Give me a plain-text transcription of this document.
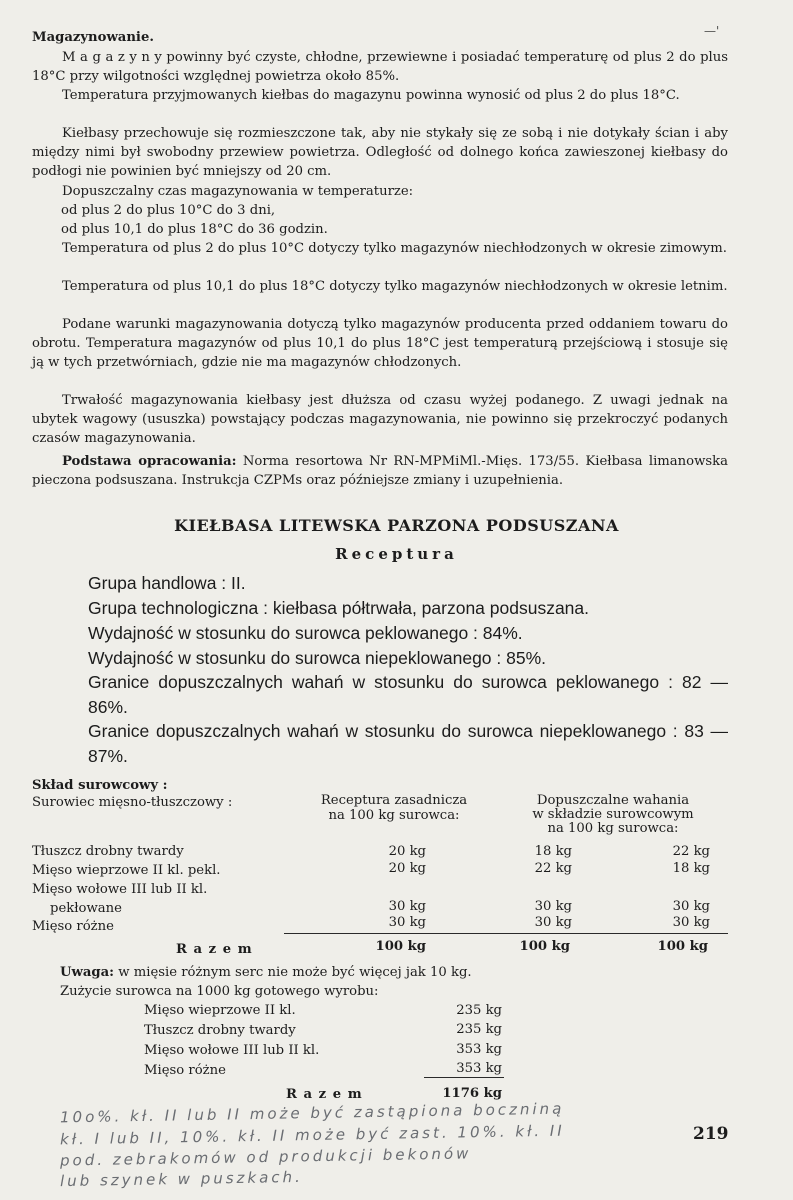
Magazynowanie.	—'
M a g a z y n y powinny być czyste, chłodne, przewiewne i posiadać temperaturę od plus 2 do plus 18°C przy wilgotności względnej powietrza około 85%.
Temperatura przyjmowanych kiełbas do magazynu powinna wynosić od plus 2 do plus 18°C.
Kiełbasy przechowuje się rozmieszczone tak, aby nie stykały się ze sobą i nie dotykały ścian i aby między nimi był swobodny przewiew powietrza. Odległość od dolnego końca zawieszonej kiełbasy do podłogi nie powinien być mniejszy od 20 cm.
Dopuszczalny czas magazynowania w temperaturze:
od plus 2 do plus 10°C do 3 dni,
od plus 10,1 do plus 18°C do 36 godzin.
Temperatura od plus 2 do plus 10°C dotyczy tylko magazynów niechłodzonych w okresie zimowym.
Temperatura od plus 10,1 do plus 18°C dotyczy tylko magazynów niechłodzonych w okresie letnim.
Podane warunki magazynowania dotyczą tylko magazynów producenta przed oddaniem towaru do obrotu. Temperatura magazynów od plus 10,1 do plus 18°C jest temperaturą przejściową i stosuje się ją w tych przetwórniach, gdzie nie ma magazynów chłodzonych.
Trwałość magazynowania kiełbasy jest dłuższa od czasu wyżej podanego. Z uwagi jednak na ubytek wagowy (ususzka) powstający podczas magazynowania, nie powinno się przekroczyć podanych czasów magazynowania.
Podstawa opracowania: Norma resortowa Nr RN-MPMiMl.-Mięs. 173/55. Kiełbasa limanowska pieczona podsuszana. Instrukcja CZPMs oraz późniejsze zmiany i uzupełnienia.
KIEŁBASA LITEWSKA PARZONA PODSUSZANA
Receptura
Grupa handlowa : II.
Grupa technologiczna : kiełbasa półtrwała, parzona podsuszana.
Wydajność w stosunku do surowca peklowanego : 84%.
Wydajność w stosunku do surowca niepeklowanego : 85%.
Granice dopuszczalnych wahań w stosunku do surowca peklowanego : 82 — 86%.
Granice dopuszczalnych wahań w stosunku do surowca niepeklowanego : 83 — 87%.
Skład surowcowy :
Surowiec mięsno-tłuszczowy :	Receptura zasadnicza
na 100 kg surowca:
Dopuszczalne wahania
w składzie surowcowym
na 100 kg surowca:
Tłuszcz drobny twardy	20 kg	18 kg	22 kg
Mięso wieprzowe II kl. pekl.	20 kg	22 kg	18 kg
Mięso wołowe III lub II kl.
pekłowane	30 kg	30 kg	30 kg
Mięso różne	30 kg	30 kg	30 kg
R a z e m	100 kg	100 kg	100 kg
Uwaga: w mięsie różnym serc nie może być więcej jak 10 kg.
Zużycie surowca na 1000 kg gotowego wyrobu:
Mięso wieprzowe II kl.	235 kg
Tłuszcz drobny twardy	235 kg
Mięso wołowe III lub II kl.	353 kg
Mięso różne	353 kg
R a z e m	1176 kg
10o%. kł. II lub II może być zastąpiona boczniną
kł. I lub II, 10%. kł. II może być zast. 10%. kł. II
pod. zebrakomów od produkcji bekonów
lub szynek w puszkach.
219
